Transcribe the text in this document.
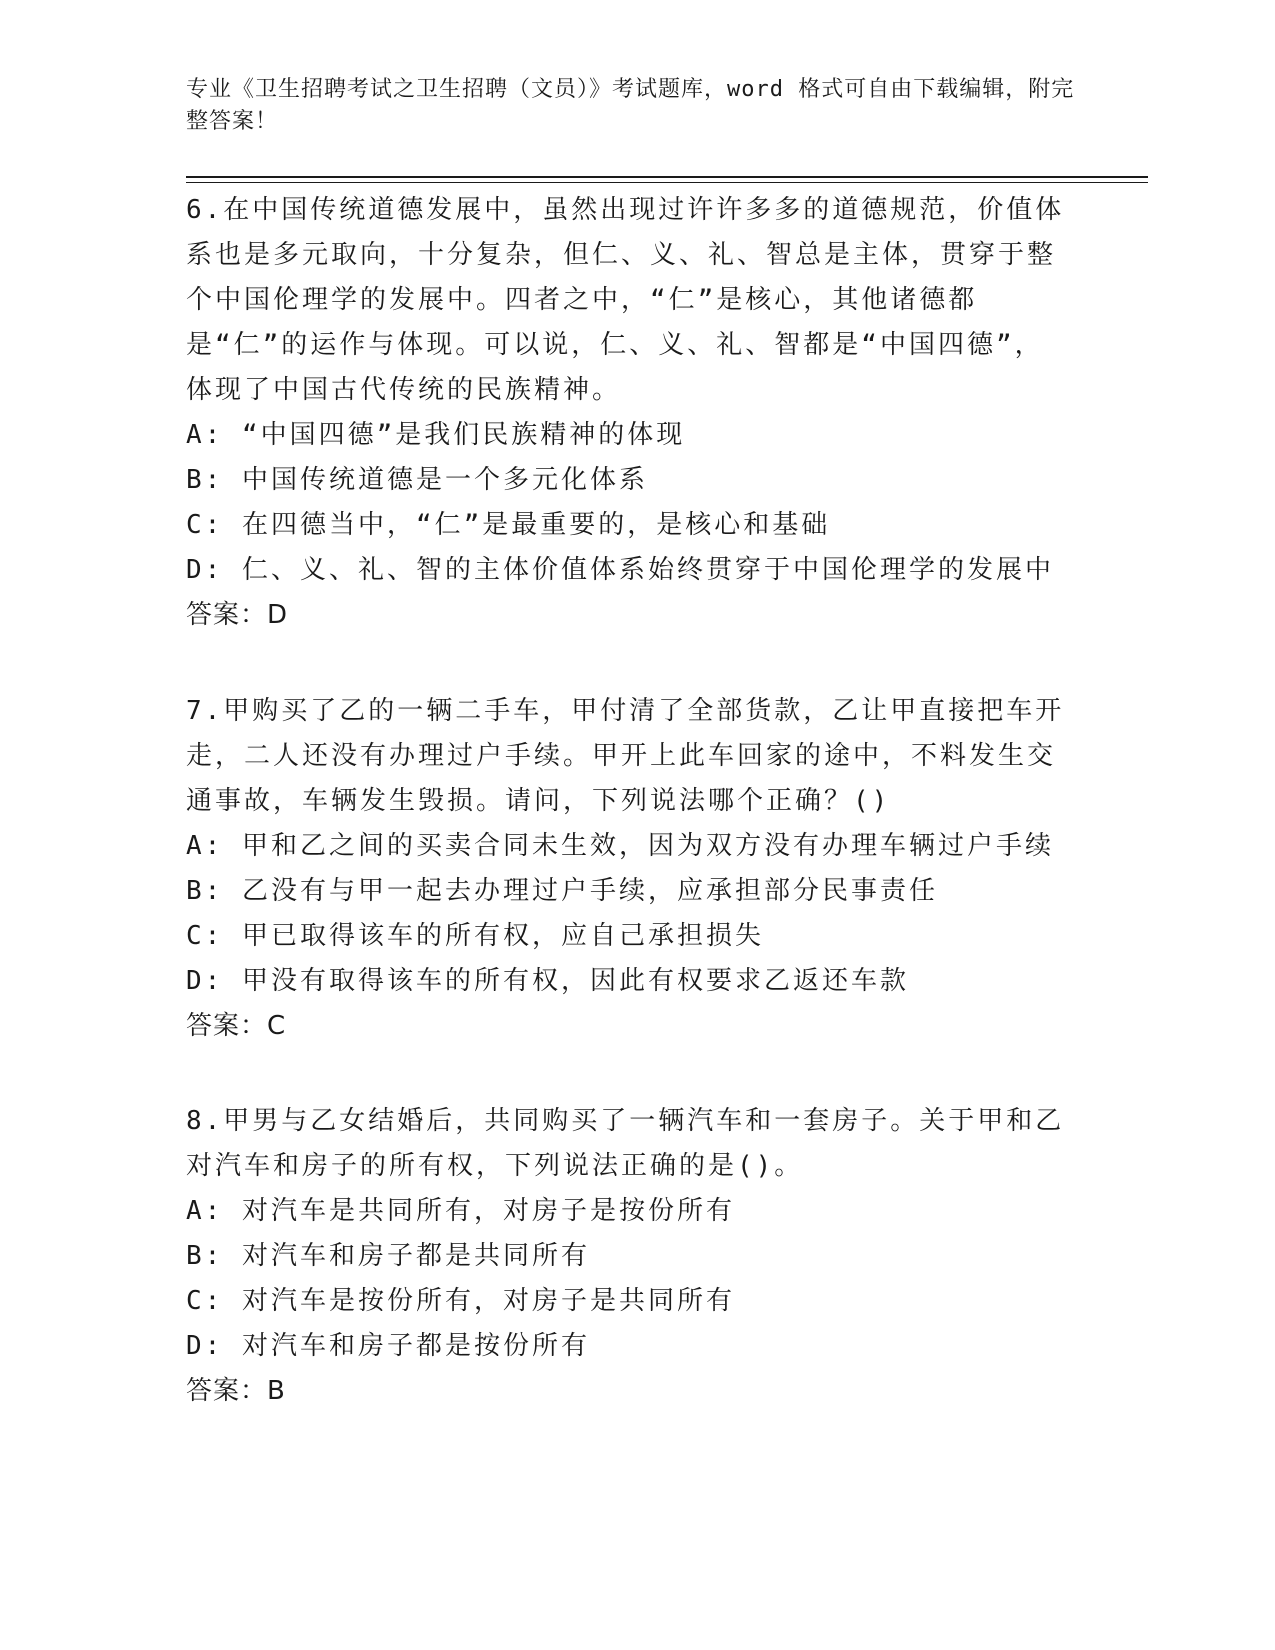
专业《卫生招聘考试之卫生招聘（文员）》考试题库，word 格式可自由下载编辑，附完整答案！

6.在中国传统道德发展中，虽然出现过许许多多的道德规范，价值体系也是多元取向，十分复杂，但仁、义、礼、智总是主体，贯穿于整个中国伦理学的发展中。四者之中，“仁”是核心，其他诸德都是“仁”的运作与体现。可以说，仁、义、礼、智都是“中国四德”，体现了中国古代传统的民族精神。

A: “中国四德”是我们民族精神的体现

B: 中国传统道德是一个多元化体系

C: 在四德当中，“仁”是最重要的，是核心和基础

D: 仁、义、礼、智的主体价值体系始终贯穿于中国伦理学的发展中

答案：D

7.甲购买了乙的一辆二手车，甲付清了全部货款，乙让甲直接把车开走，二人还没有办理过户手续。甲开上此车回家的途中，不料发生交通事故，车辆发生毁损。请问，下列说法哪个正确？()

A: 甲和乙之间的买卖合同未生效，因为双方没有办理车辆过户手续

B: 乙没有与甲一起去办理过户手续，应承担部分民事责任

C: 甲已取得该车的所有权，应自己承担损失

D: 甲没有取得该车的所有权，因此有权要求乙返还车款

答案：C

8.甲男与乙女结婚后，共同购买了一辆汽车和一套房子。关于甲和乙对汽车和房子的所有权，下列说法正确的是()。

A: 对汽车是共同所有，对房子是按份所有

B: 对汽车和房子都是共同所有

C: 对汽车是按份所有，对房子是共同所有

D: 对汽车和房子都是按份所有

答案：B
